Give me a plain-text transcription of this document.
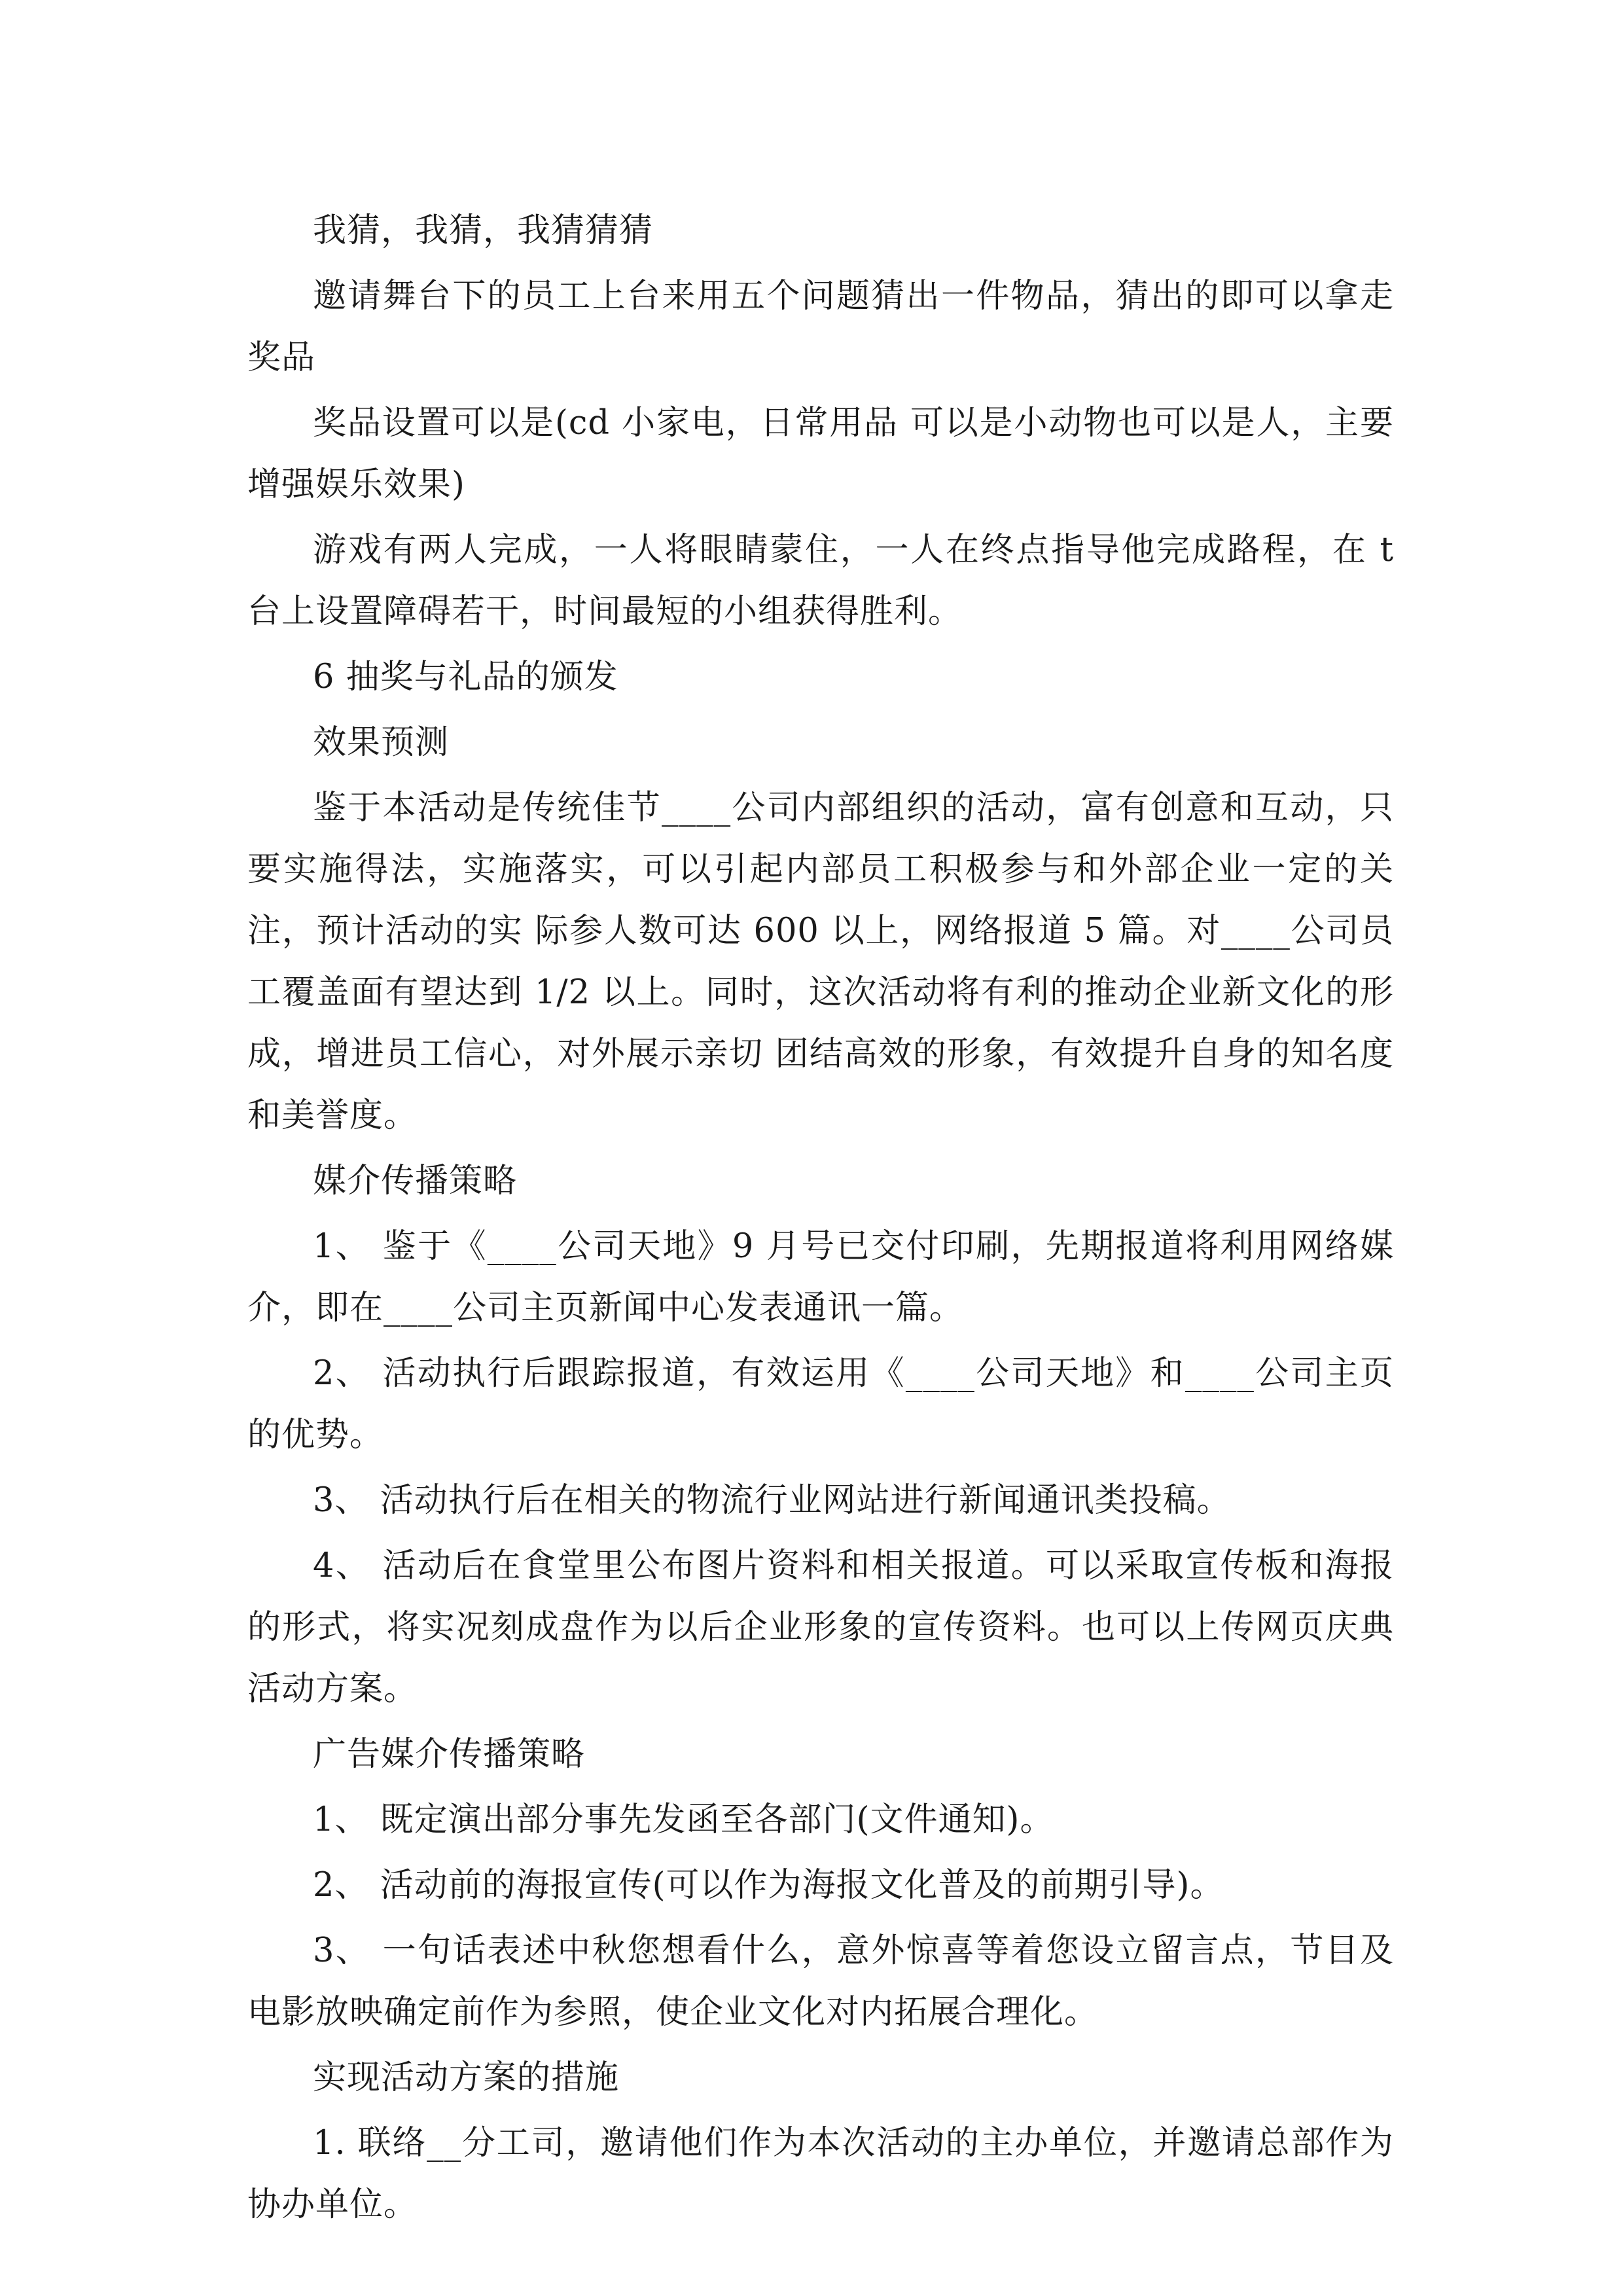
我猜，我猜，我猜猜猜

邀请舞台下的员工上台来用五个问题猜出一件物品，猜出的即可以拿走奖品

奖品设置可以是(cd 小家电，日常用品 可以是小动物也可以是人，主要增强娱乐效果)

游戏有两人完成，一人将眼睛蒙住，一人在终点指导他完成路程，在 t 台上设置障碍若干，时间最短的小组获得胜利。

6 抽奖与礼品的颁发

效果预测

鉴于本活动是传统佳节____公司内部组织的活动，富有创意和互动，只要实施得法，实施落实，可以引起内部员工积极参与和外部企业一定的关注，预计活动的实 际参人数可达 600 以上，网络报道 5 篇。对____公司员工覆盖面有望达到 1/2 以上。同时，这次活动将有利的推动企业新文化的形成，增进员工信心，对外展示亲切 团结高效的形象，有效提升自身的知名度和美誉度。

媒介传播策略

1、 鉴于《____公司天地》9 月号已交付印刷，先期报道将利用网络媒介，即在____公司主页新闻中心发表通讯一篇。

2、 活动执行后跟踪报道，有效运用《____公司天地》和____公司主页的优势。

3、 活动执行后在相关的物流行业网站进行新闻通讯类投稿。

4、 活动后在食堂里公布图片资料和相关报道。可以采取宣传板和海报的形式，将实况刻成盘作为以后企业形象的宣传资料。也可以上传网页庆典活动方案。

广告媒介传播策略

1、 既定演出部分事先发函至各部门(文件通知)。

2、 活动前的海报宣传(可以作为海报文化普及的前期引导)。

3、 一句话表述中秋您想看什么，意外惊喜等着您设立留言点，节目及电影放映确定前作为参照，使企业文化对内拓展合理化。

实现活动方案的措施

1. 联络__分工司，邀请他们作为本次活动的主办单位，并邀请总部作为协办单位。
